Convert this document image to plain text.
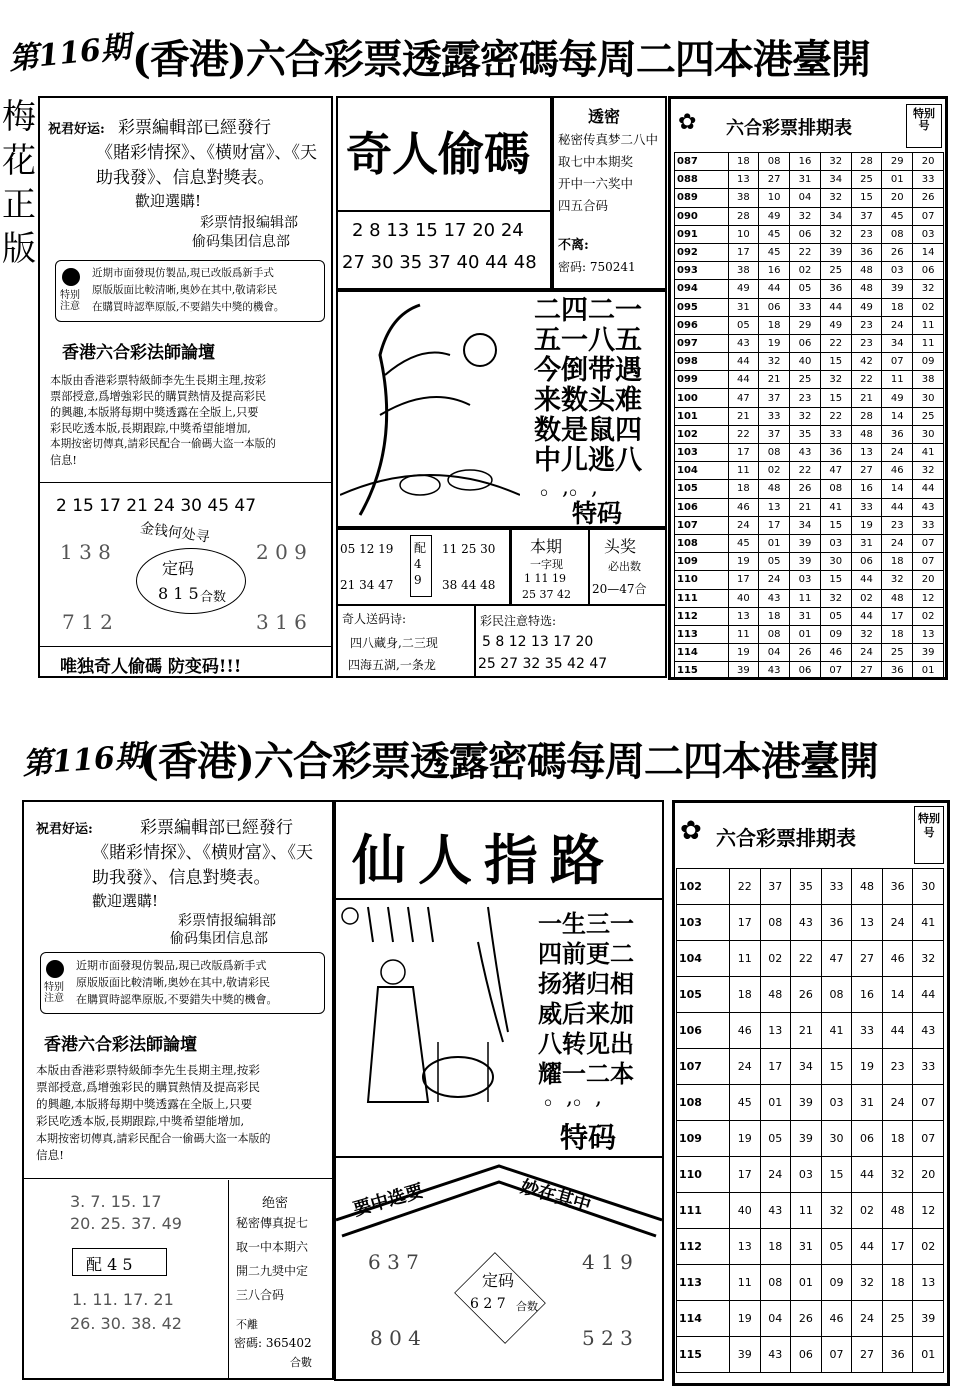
第116期 (香港)六合彩票透露密碼每周二四本港臺開
梅花正版
祝君好运: 彩票編輯部已經發行
《賭彩情探》、《横财富》、《天
助我發》、信息對獎表。
歡迎選購!
彩票情报编辑部
偷码集团信息部
特别注意
近期市面發現仿製品,現已改版爲新手式
原版版面比較清晰,奥妙在其中,敬请彩民
在購買時認準原版,不要錯失中獎的機會。
香港六合彩法師論壇
本版由香港彩票特級師李先生長期主理,按彩
票部授意,爲增強彩民的購買熱情及提高彩民
的興趣,本版將每期中獎透露在全版上,只要
彩民吃透本版,長期跟踪,中獎希望能增加,
本期按密切傳真,請彩民配合一偷碼大盗一本版的
信息!
2 15 17 21 24 30 45 47
金钱何处寻
1 3 8	2 0 9
7 1 2	3 1 6
定码
8 1 5 合数
唯独奇人偷碼 防变码!!!
奇人偷碼
2 8 13 15 17 20 24
27 30 35 37 40 44 48
透密
秘密传真梦二八中
取七中本期奖
开中一六奖中
四五合码
不离:
密码: 750241
二四二一
五一八五
今倒带遇
来数头难
数是鼠四
中儿逃八
。,。,
特码
05 12 19
21 34 47
配 4 9
11 25 30
38 44 48
本期
一字现
1 11 19
25 37 42
头奖
必出数
20—47合
奇人送码诗:
四八藏身,二三现
四海五湖,一条龙
彩民注意特选:
5 8 12 13 17 20
25 27 32 35 42 47
✿ 六合彩票排期表
特别号
087	18	08	16	32	28	29	20
088	13	27	31	34	25	01	33
089	38	10	04	32	15	20	26
090	28	49	32	34	37	45	07
091	10	45	06	32	23	08	03
092	17	45	22	39	36	26	14
093	38	16	02	25	48	03	06
094	49	44	05	36	48	39	32
095	31	06	33	44	49	18	02
096	05	18	29	49	23	24	11
097	43	19	06	22	23	34	11
098	44	32	40	15	42	07	09
099	44	21	25	32	22	11	38
100	47	37	23	15	21	49	30
101	21	33	32	22	28	14	25
102	22	37	35	33	48	36	30
103	17	08	43	36	13	24	41
104	11	02	22	47	27	46	32
105	18	48	26	08	16	14	44
106	46	13	21	41	33	44	43
107	24	17	34	15	19	23	33
108	45	01	39	03	31	24	07
109	19	05	39	30	06	18	07
110	17	24	03	15	44	32	20
111	40	43	11	32	02	48	12
112	13	18	31	05	44	17	02
113	11	08	01	09	32	18	13
114	19	04	26	46	24	25	39
115	39	43	06	07	27	36	01
第116期
(香港)六合彩票透露密碼每周二四本港臺開
祝君好运:	彩票編輯部已經發行
《賭彩情探》、《横财富》、《天
助我發》、信息對獎表。
歡迎選購!
彩票情报编辑部
偷码集团信息部
特别注意
近期市面發現仿製品,現已改版爲新手式
原版版面比較清晰,奥妙在其中,敬请彩民
在購買時認準原版,不要錯失中獎的機會。
香港六合彩法師論壇
本版由香港彩票特級師李先生長期主理,按彩
票部授意,爲增強彩民的購買熱情及提高彩民
的興趣,本版將每期中獎透露在全版上,只要
彩民吃透本版,長期跟踪,中獎希望能增加,
本期按密切傳真,請彩民配合一偷碼大盗一本版的
信息!
3. 7. 15. 17
20. 25. 37. 49
配 4 5
1. 11. 17. 21
26. 30. 38. 42
绝密
秘密傳真捉七
取一中本期六
開二九奨中定
三八合码
不離
密碼: 365402
合數
仙人指路
一生三一
四前更二
扬猪归相
威后来加
八转见出
耀一二本
。,。,
特码
要中选要	妙在其中
6 3 7	4 1 9
8 0 4	5 2 3
定码
6 2 7 合数
✿ 六合彩票排期表
特别号
102	22	37	35	33	48	36	30
103	17	08	43	36	13	24	41
104	11	02	22	47	27	46	32
105	18	48	26	08	16	14	44
106	46	13	21	41	33	44	43
107	24	17	34	15	19	23	33
108	45	01	39	03	31	24	07
109	19	05	39	30	06	18	07
110	17	24	03	15	44	32	20
111	40	43	11	32	02	48	12
112	13	18	31	05	44	17	02
113	11	08	01	09	32	18	13
114	19	04	26	46	24	25	39
115	39	43	06	07	27	36	01
